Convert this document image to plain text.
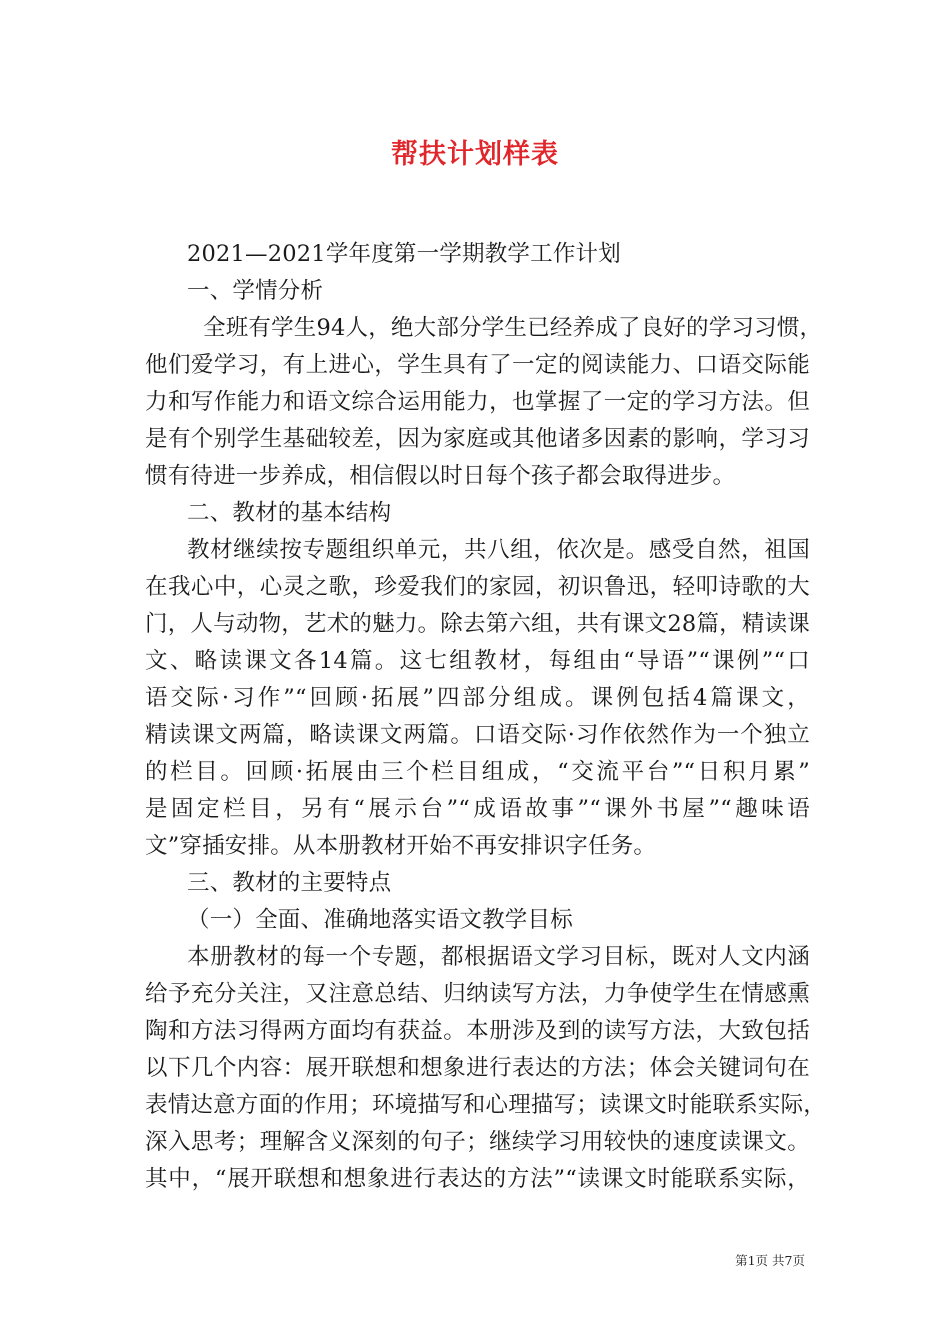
帮扶计划样表
2021—2021学年度第一学期教学工作计划
一、学情分析
全班有学生94人，绝大部分学生已经养成了良好的学习习惯，
他们爱学习，有上进心，学生具有了一定的阅读能力、口语交际能
力和写作能力和语文综合运用能力，也掌握了一定的学习方法。但
是有个别学生基础较差，因为家庭或其他诸多因素的影响，学习习
惯有待进一步养成，相信假以时日每个孩子都会取得进步。
二、教材的基本结构
教材继续按专题组织单元，共八组，依次是。感受自然，祖国
在我心中，心灵之歌，珍爱我们的家园，初识鲁迅，轻叩诗歌的大
门，人与动物，艺术的魅力。除去第六组，共有课文28篇，精读课
文、略读课文各14篇。这七组教材，每组由“导语”“课例”“口
语交际·习作”“回顾·拓展”四部分组成。课例包括4篇课文，
精读课文两篇，略读课文两篇。口语交际·习作依然作为一个独立
的栏目。回顾·拓展由三个栏目组成，“交流平台”“日积月累”
是固定栏目，另有“展示台”“成语故事”“课外书屋”“趣味语
文”穿插安排。从本册教材开始不再安排识字任务。
三、教材的主要特点
（一）全面、准确地落实语文教学目标
本册教材的每一个专题，都根据语文学习目标，既对人文内涵
给予充分关注，又注意总结、归纳读写方法，力争使学生在情感熏
陶和方法习得两方面均有获益。本册涉及到的读写方法，大致包括
以下几个内容：展开联想和想象进行表达的方法；体会关键词句在
表情达意方面的作用；环境描写和心理描写；读课文时能联系实际，
深入思考；理解含义深刻的句子；继续学习用较快的速度读课文。
其中，“展开联想和想象进行表达的方法”“读课文时能联系实际，
第1页 共7页
